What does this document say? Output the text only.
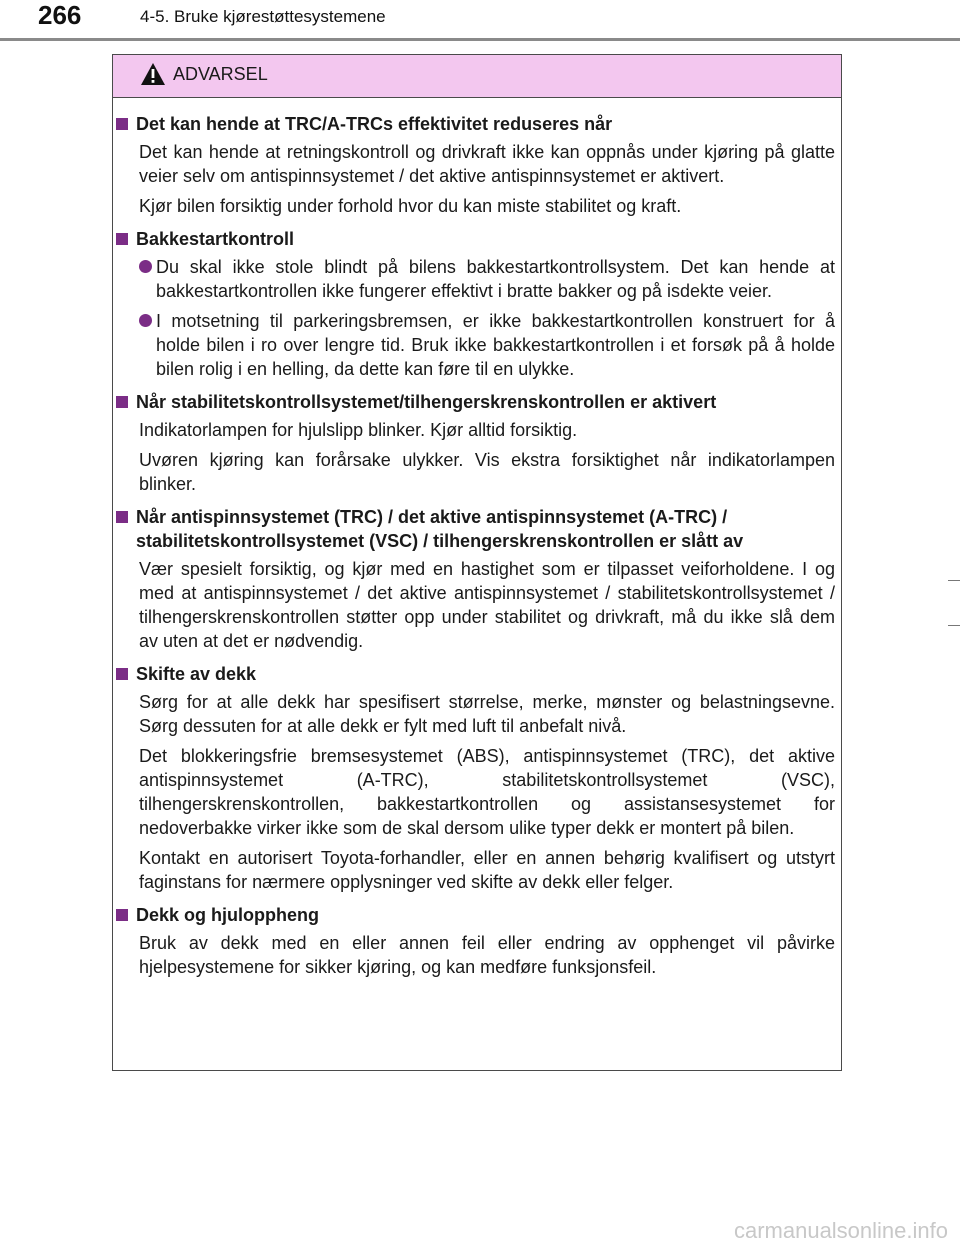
266	4-5. Bruke kjørestøttesystemene
ADVARSEL
Det kan hende at TRC/A-TRCs effektivitet reduseres når
Det kan hende at retningskontroll og drivkraft ikke kan oppnås under kjøring på glatte veier selv om antispinnsystemet / det aktive antispinnsystemet er aktivert.
Kjør bilen forsiktig under forhold hvor du kan miste stabilitet og kraft.
Bakkestartkontroll
Du skal ikke stole blindt på bilens bakkestartkontrollsystem. Det kan hende at bakkestartkontrollen ikke fungerer effektivt i bratte bakker og på isdekte veier.
I motsetning til parkeringsbremsen, er ikke bakkestartkontrollen konstruert for å holde bilen i ro over lengre tid. Bruk ikke bakkestartkontrollen i et forsøk på å holde bilen rolig i en helling, da dette kan føre til en ulykke.
Når stabilitetskontrollsystemet/tilhengerskrenskontrollen er aktivert
Indikatorlampen for hjulslipp blinker. Kjør alltid forsiktig.
Uvøren kjøring kan forårsake ulykker. Vis ekstra forsiktighet når indikatorlampen blinker.
Når antispinnsystemet (TRC) / det aktive antispinnsystemet (A-TRC) / stabilitetskontrollsystemet (VSC) / tilhengerskrenskontrollen er slått av
Vær spesielt forsiktig, og kjør med en hastighet som er tilpasset veiforholdene. I og med at antispinnsystemet / det aktive antispinnsystemet / stabilitetskontrollsystemet / tilhengerskrenskontrollen støtter opp under stabilitet og drivkraft, må du ikke slå dem av uten at det er nødvendig.
Skifte av dekk
Sørg for at alle dekk har spesifisert størrelse, merke, mønster og belastningsevne. Sørg dessuten for at alle dekk er fylt med luft til anbefalt nivå.
Det blokkeringsfrie bremsesystemet (ABS), antispinnsystemet (TRC), det aktive antispinnsystemet (A-TRC), stabilitetskontrollsystemet (VSC), tilhengerskrenskontrollen, bakkestartkontrollen og assistansesystemet for nedoverbakke virker ikke som de skal dersom ulike typer dekk er montert på bilen.
Kontakt en autorisert Toyota-forhandler, eller en annen behørig kvalifisert og utstyrt faginstans for nærmere opplysninger ved skifte av dekk eller felger.
Dekk og hjuloppheng
Bruk av dekk med en eller annen feil eller endring av opphenget vil påvirke hjelpesystemene for sikker kjøring, og kan medføre funksjonsfeil.
carmanualsonline.info
